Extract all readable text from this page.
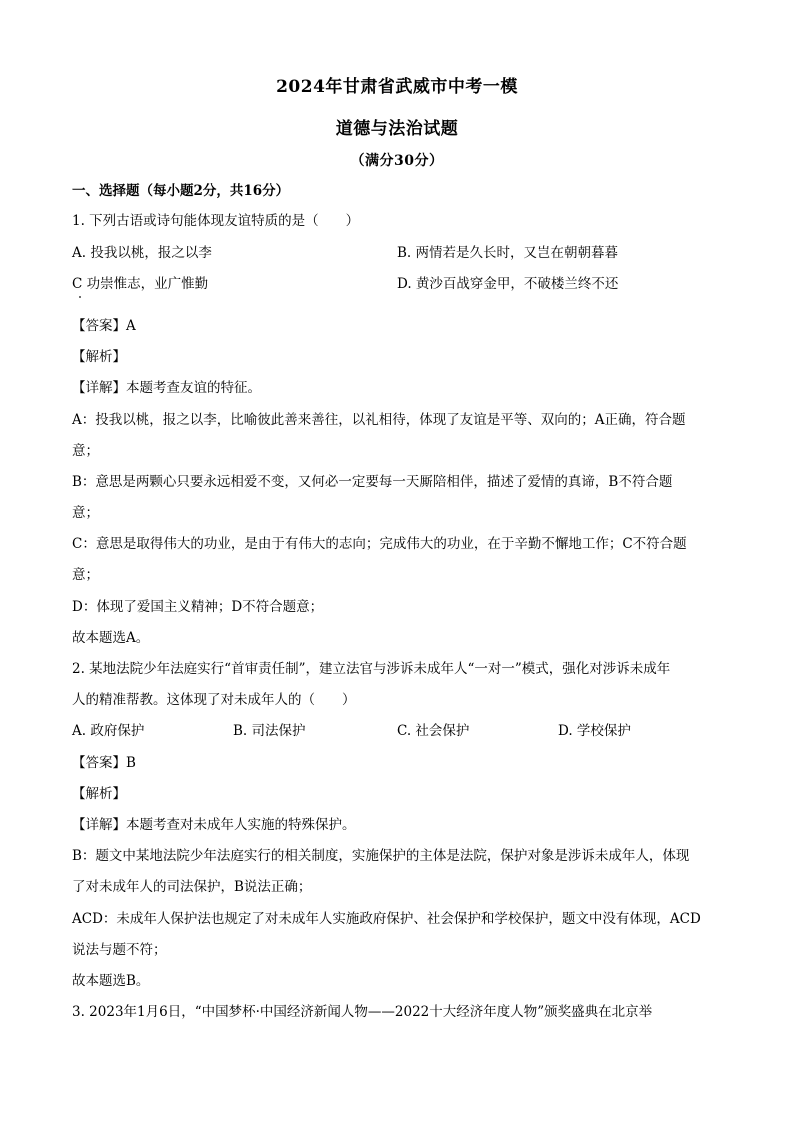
2024年甘肃省武威市中考一模
道德与法治试题
（满分30分）
一、选择题（每小题2分，共16分）
1. 下列古语或诗句能体现友谊特质的是（　　）
A. 投我以桃，报之以李	B. 两情若是久长时，又岂在朝朝暮暮
C 功崇惟志，业广惟勤	D. 黄沙百战穿金甲，不破楼兰终不还
【答案】A
【解析】
【详解】本题考查友谊的特征。
A：投我以桃，报之以李，比喻彼此善来善往，以礼相待，体现了友谊是平等、双向的；A正确，符合题
意；
B：意思是两颗心只要永远相爱不变，又何必一定要每一天厮陪相伴，描述了爱情的真谛，B不符合题
意；
C：意思是取得伟大的功业，是由于有伟大的志向；完成伟大的功业，在于辛勤不懈地工作；C不符合题
意；
D：体现了爱国主义精神；D不符合题意；
故本题选A。
2. 某地法院少年法庭实行“首审责任制”，建立法官与涉诉未成年人“一对一”模式，强化对涉诉未成年
人的精准帮教。这体现了对未成年人的（　　）
A. 政府保护	B. 司法保护	C. 社会保护	D. 学校保护
【答案】B
【解析】
【详解】本题考查对未成年人实施的特殊保护。
B：题文中某地法院少年法庭实行的相关制度，实施保护的主体是法院，保护对象是涉诉未成年人，体现
了对未成年人的司法保护，B说法正确；
ACD：未成年人保护法也规定了对未成年人实施政府保护、社会保护和学校保护，题文中没有体现，ACD
说法与题不符；
故本题选B。
3. 2023年1月6日，“中国梦杯·中国经济新闻人物——2022十大经济年度人物”颁奖盛典在北京举
